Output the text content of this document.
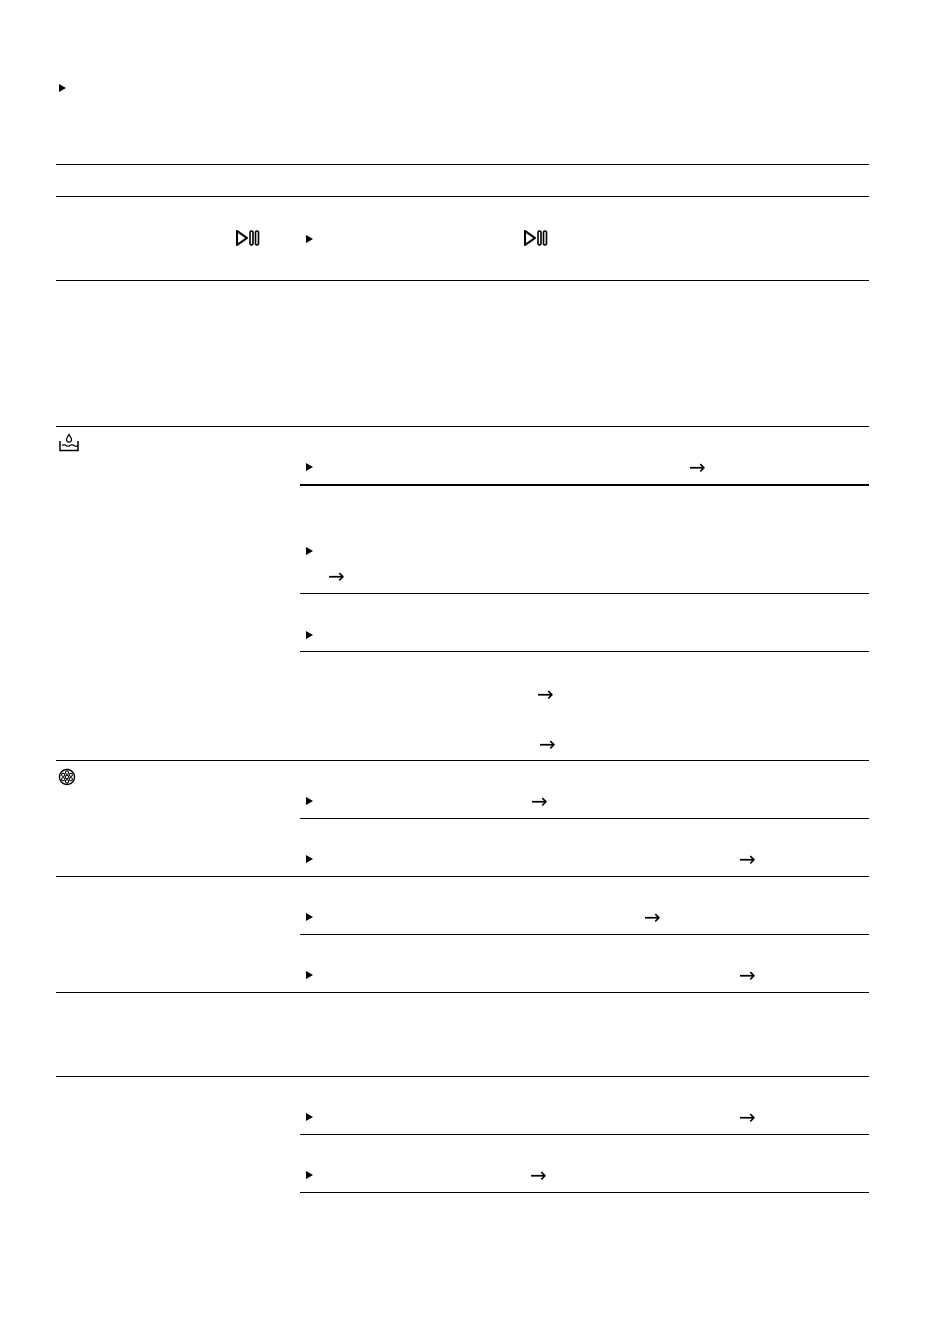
→
→
→
→
→
→
→
→
→
→
